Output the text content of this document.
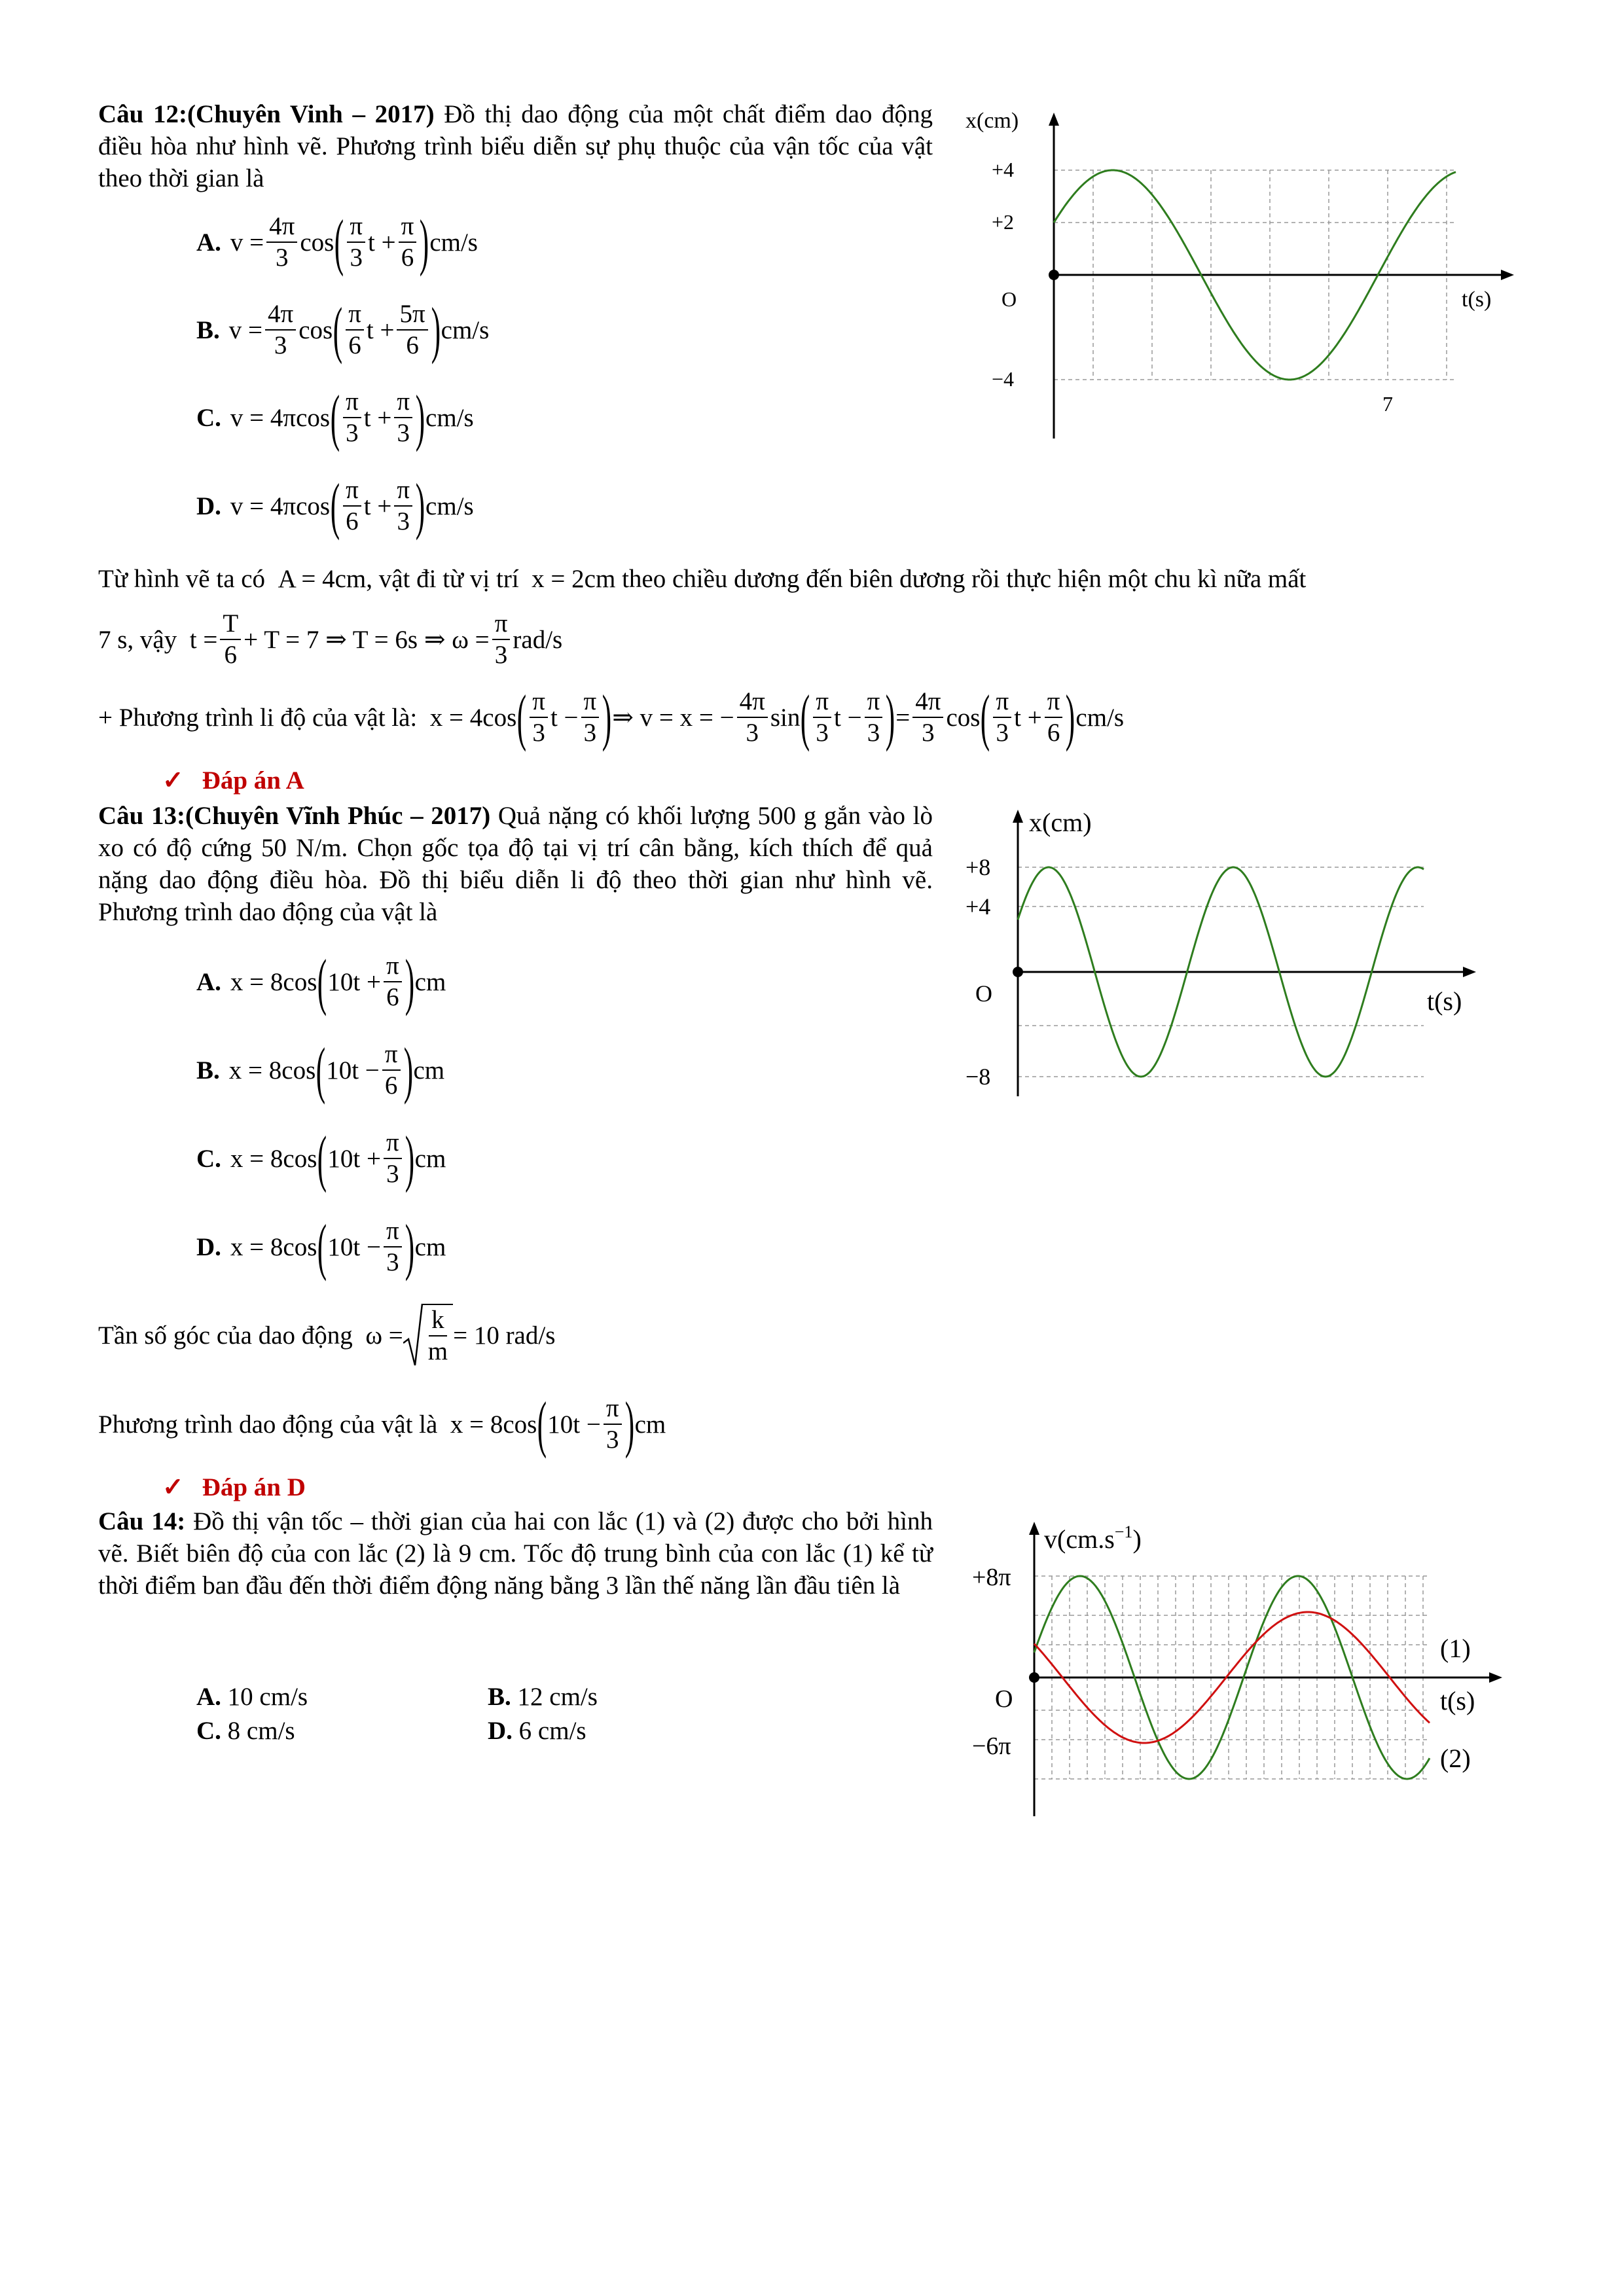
Câu 12:(Chuyên Vinh – 2017) Đồ thị dao động của một chất điểm dao động điều hòa như hình vẽ. Phương trình biểu diễn sự phụ thuộc của vận tốc của vật theo thời gian là
A. $v = \frac{4\pi}{3}$ cos ( $\frac{\pi}{3}$ $t + \frac{\pi}{6}$ ) cm/s
B. $v = \frac{4\pi}{3}$ cos ( $\frac{\pi}{6}$ $t + \frac{5\pi}{6}$ ) cm/s
C. v = 4πcos ( $\frac{\pi}{3}$ $t + \frac{\pi}{3}$ ) cm/s
D. v = 4πcos ( $\frac{\pi}{6}$ $t + \frac{\pi}{3}$ ) cm/s
x(cm)
+4
+2
−4
O	t(s)
7
Từ hình vẽ ta có
A = 4cm , vật đi từ vị trí
x = 2cm
theo chiều dương đến biên dương rồi thực hiện một chu kì nữa mất
7 s, vậy
$t = \frac{T}{6} + T = 7$ ⇒ T = 6s ⇒ $\omega = \frac{\pi}{3} rad/s$
+ Phương trình li độ của vật là:
x = 4cos ( $\frac{\pi}{3}$ $t - \frac{\pi}{3}$ ) ⇒ v = x = − $\frac{4\pi}{3}$ sin ( $\frac{\pi}{3}$ $t - \frac{\pi}{3}$ ) = $\frac{4\pi}{3}$ cos ( $\frac{\pi}{3}$ $t + \frac{\pi}{6}$ ) cm/s
✓ Đáp án A
Câu 13:(Chuyên Vĩnh Phúc – 2017) Quả nặng có khối lượng 500 g gắn vào lò xo có độ cứng 50 N/m. Chọn gốc tọa độ tại vị trí cân bằng, kích thích để quả nặng dao động điều hòa. Đồ thị biểu diễn li độ theo thời gian như hình vẽ. Phương trình dao động của vật là
A. x = 8cos ( $10t + \frac{\pi}{6}$ ) cm
B. x = 8cos ( $10t - \frac{\pi}{6}$ ) cm
C. x = 8cos ( $10t + \frac{\pi}{3}$ ) cm
D. x = 8cos ( $10t - \frac{\pi}{3}$ ) cm
x(cm)
+8
+4
O
−8
t(s)
Tần số góc của dao động
$\omega = \frac{k}{m} = 10$ rad/s
Phương trình dao động của vật là
x = 8cos ( $10t - \frac{\pi}{3}$ ) cm
✓ Đáp án D
Câu 14: Đồ thị vận tốc – thời gian của hai con lắc (1) và (2) được cho bởi hình vẽ. Biết biên độ của con lắc (2) là 9 cm. Tốc độ trung bình của con lắc (1) kể từ thời điểm ban đầu đến thời điểm động năng bằng 3 lần thế năng lần đầu tiên là
A. 10 cm/s	B. 12 cm/s
C. 8 cm/s	D. 6 cm/s
$v(cm.s^{-1})$
+8π
O
−6π
t(s)
(1)
(2)
